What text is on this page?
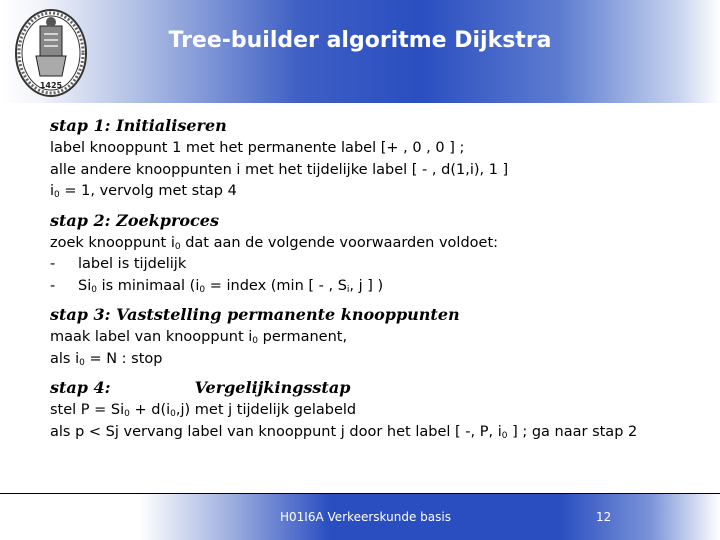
1425
Tree-builder algoritme Dijkstra
stap 1: Initialiseren
label knooppunt 1 met het permanente label [+ , 0 , 0 ] ;
alle andere knooppunten i met het tijdelijke label [ - , d(1,i), 1 ]
$i_0 = 1$, vervolg met stap 4
stap 2: Zoekproces
zoek knooppunt $i_0$ dat aan de volgende voorwaarden voldoet:
- label is tijdelijk
- $Si_0$ is minimaal ($i_0$ = index (min [ - , $S_i$, j ] )
stap 3: Vaststelling permanente knooppunten
maak label van knooppunt $i_0$ permanent,
als $i_0 = N$ : stop
stap 4:	Vergelijkingsstap
stel $P = Si_0 + d(i_0,j)$ met j tijdelijk gelabeld
als p < Sj vervang label van knooppunt j door het label [ -, P, $i_0$ ] ; ga naar stap 2
H01I6A Verkeerskunde basis	12
